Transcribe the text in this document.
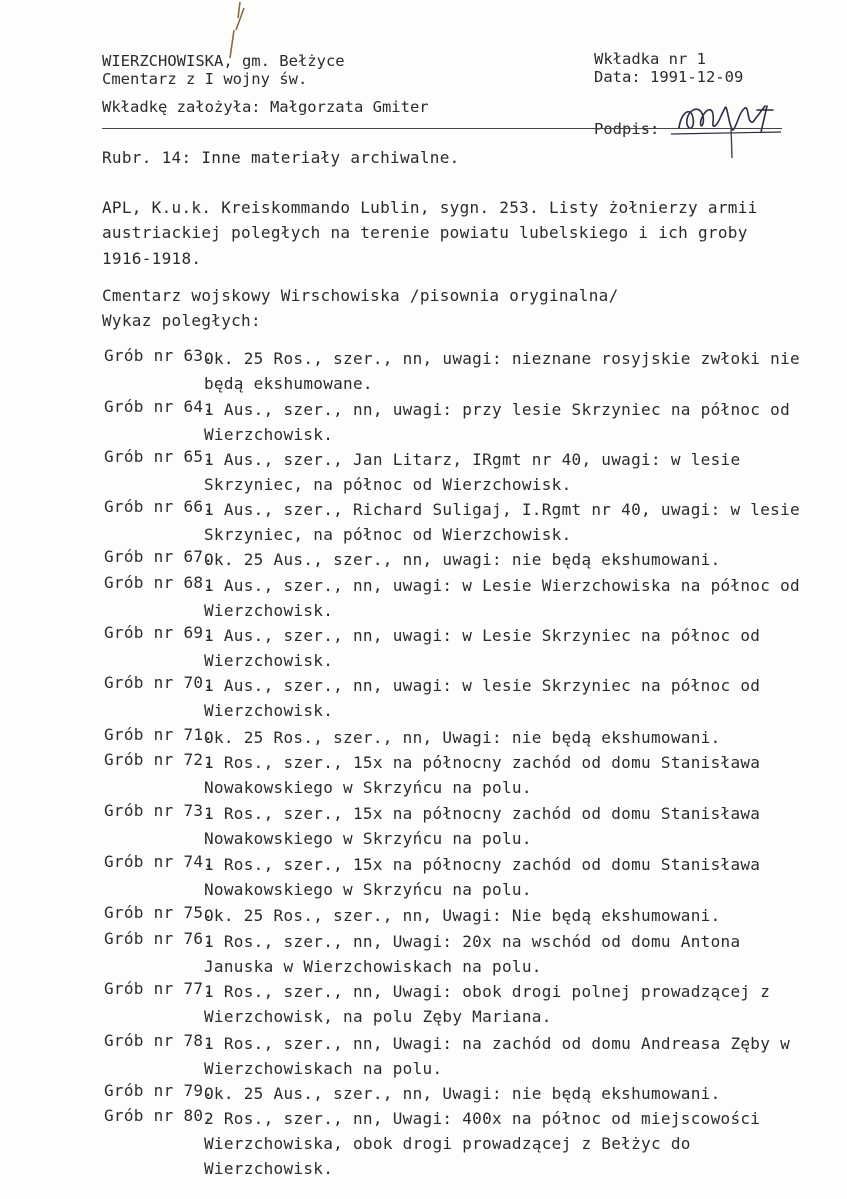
WIERZCHOWISKA, gm. Bełżyce
Cmentarz z I wojny św.
Wkładkę założyła: Małgorzata Gmiter
Wkładka nr 1
Data: 1991-12-09
Podpis:
Rubr. 14: Inne materiały archiwalne.
APL, K.u.k. Kreiskommando Lublin, sygn. 253. Listy żołnierzy armii
austriackiej poległych na terenie powiatu lubelskiego i ich groby
1916-1918.
Cmentarz wojskowy Wirschowiska /pisownia oryginalna/
Wykaz poległych:
Grób nr 63.
Ok. 25 Ros., szer., nn, uwagi: nieznane rosyjskie zwłoki nie będą ekshumowane.
Grób nr 64.
1 Aus., szer., nn, uwagi: przy lesie Skrzyniec na północ od Wierzchowisk.
Grób nr 65.
1 Aus., szer., Jan Litarz, IRgmt nr 40, uwagi: w lesie Skrzyniec, na północ od Wierzchowisk.
Grób nr 66.
1 Aus., szer., Richard Suligaj, I.Rgmt nr 40, uwagi: w lesie Skrzyniec, na północ od Wierzchowisk.
Grób nr 67.
Ok. 25 Aus., szer., nn, uwagi: nie będą ekshumowani.
Grób nr 68.
1 Aus., szer., nn, uwagi: w Lesie Wierzchowiska na północ od Wierzchowisk.
Grób nr 69.
1 Aus., szer., nn, uwagi: w Lesie Skrzyniec na północ od Wierzchowisk.
Grób nr 70.
1 Aus., szer., nn, uwagi: w lesie Skrzyniec na północ od Wierzchowisk.
Grób nr 71.
Ok. 25 Ros., szer., nn, Uwagi: nie będą ekshumowani.
Grób nr 72.
1 Ros., szer., 15x na północny zachód od domu Stanisława Nowakowskiego w Skrzyńcu na polu.
Grób nr 73.
1 Ros., szer., 15x na północny zachód od domu Stanisława Nowakowskiego w Skrzyńcu na polu.
Grób nr 74.
1 Ros., szer., 15x na północny zachód od domu Stanisława Nowakowskiego w Skrzyńcu na polu.
Grób nr 75.
Ok. 25 Ros., szer., nn, Uwagi: Nie będą ekshumowani.
Grób nr 76.
1 Ros., szer., nn, Uwagi: 20x na wschód od domu Antona Januska w Wierzchowiskach na polu.
Grób nr 77.
1 Ros., szer., nn, Uwagi: obok drogi polnej prowadzącej z Wierzchowisk, na polu Zęby Mariana.
Grób nr 78.
1 Ros., szer., nn, Uwagi: na zachód od domu Andreasa Zęby w Wierzchowiskach na polu.
Grób nr 79.
Ok. 25 Aus., szer., nn, Uwagi: nie będą ekshumowani.
Grób nr 80.
2 Ros., szer., nn, Uwagi: 400x na północ od miejscowości Wierzchowiska, obok drogi prowadzącej z Bełżyc do Wierzchowisk.
